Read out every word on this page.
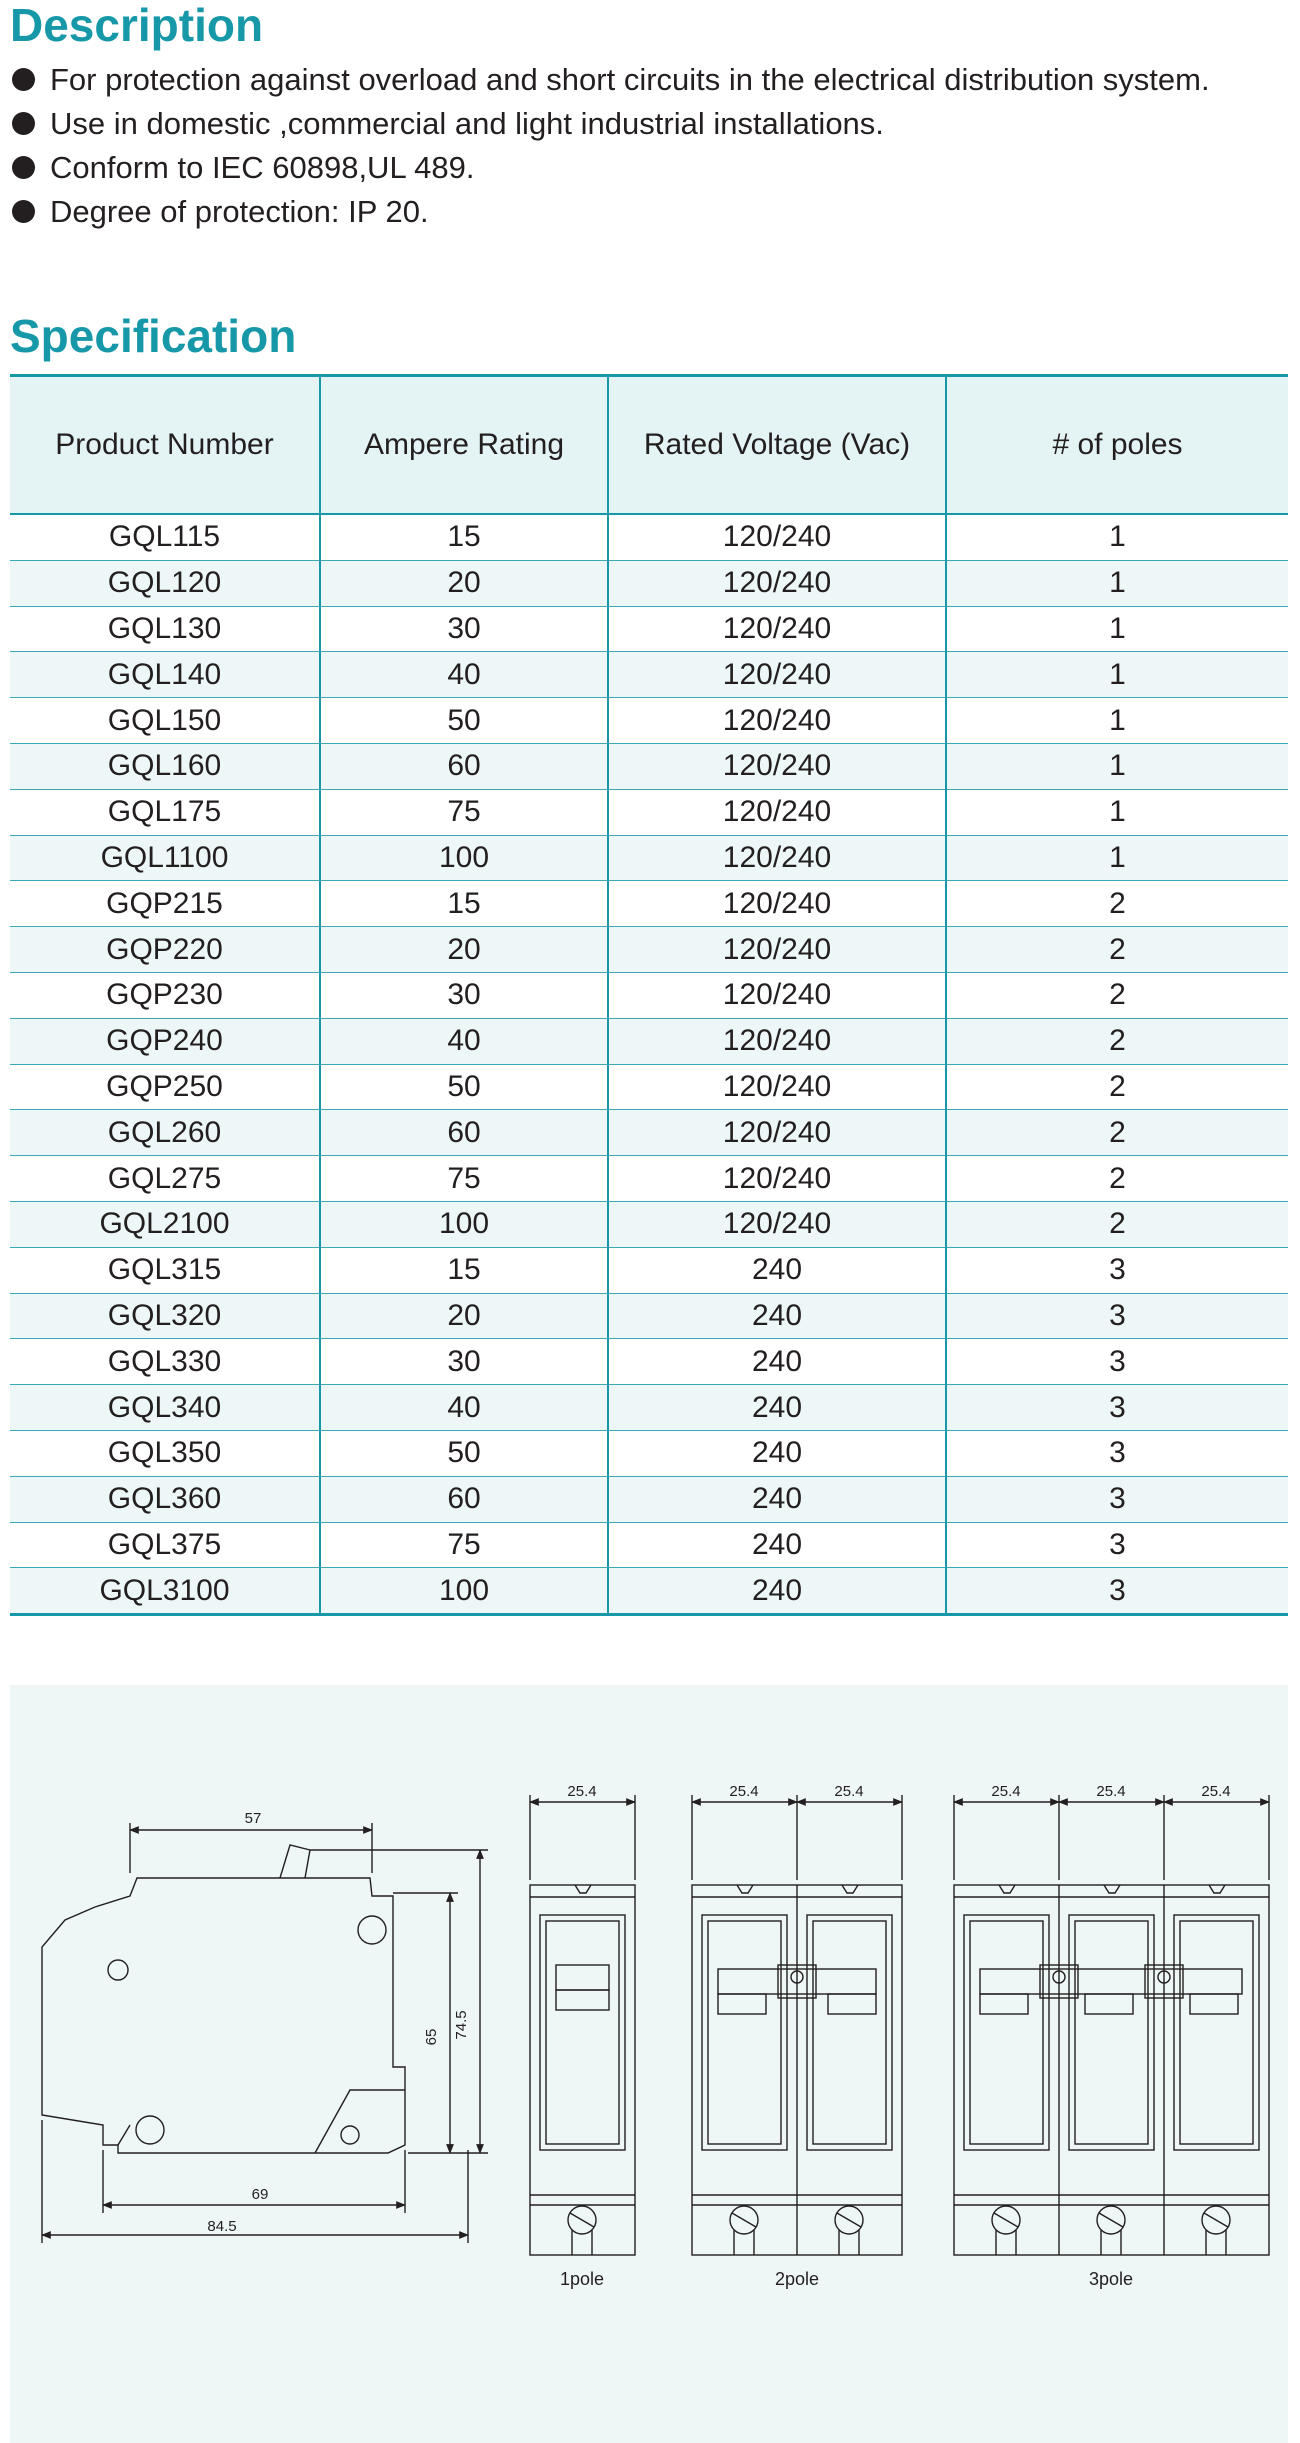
Description
For protection against overload and short circuits in the electrical distribution system.
Use in domestic ,commercial and light industrial installations.
Conform to IEC 60898,UL 489.
Degree of protection: IP 20.
Specification
Product Number	Ampere Rating	Rated Voltage (Vac)	# of poles
GQL115	15	120/240	1
GQL120	20	120/240	1
GQL130	30	120/240	1
GQL140	40	120/240	1
GQL150	50	120/240	1
GQL160	60	120/240	1
GQL175	75	120/240	1
GQL1100	100	120/240	1
GQP215	15	120/240	2
GQP220	20	120/240	2
GQP230	30	120/240	2
GQP240	40	120/240	2
GQP250	50	120/240	2
GQL260	60	120/240	2
GQL275	75	120/240	2
GQL2100	100	120/240	2
GQL315	15	240	3
GQL320	20	240	3
GQL330	30	240	3
GQL340	40	240	3
GQL350	50	240	3
GQL360	60	240	3
GQL375	75	240	3
GQL3100	100	240	3
57
69
84.5
65 74.5
25.4	25.4	25.4	25.4	25.4	25.4
1pole	2pole	3pole
